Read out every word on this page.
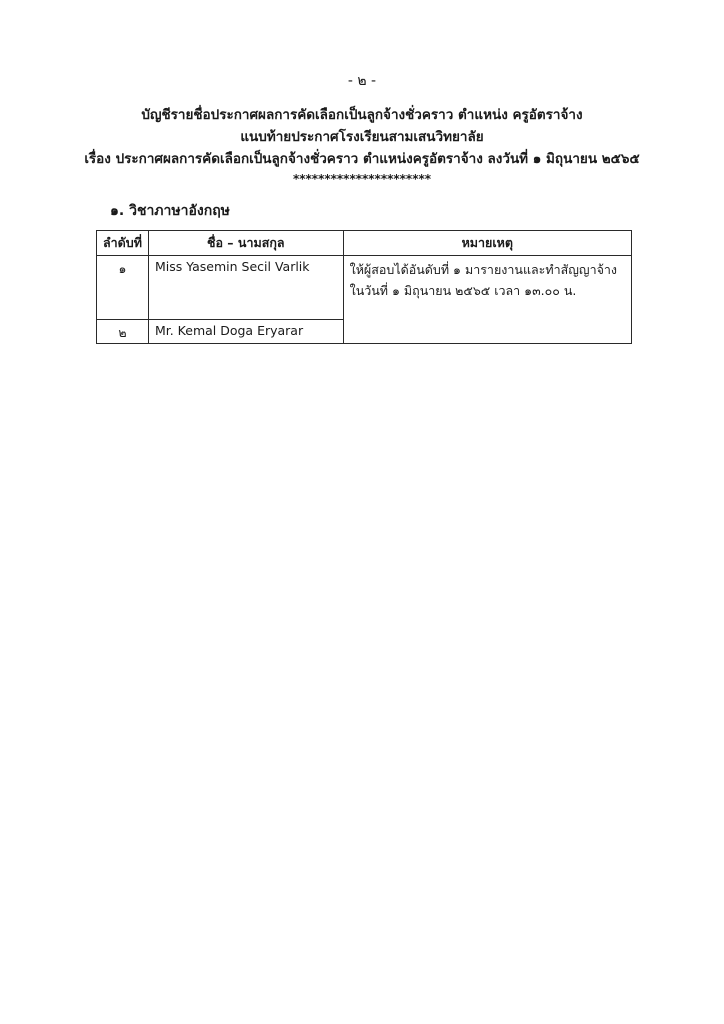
- ๒ -
บัญชีรายชื่อประกาศผลการคัดเลือกเป็นลูกจ้างชั่วคราว ตำแหน่ง ครูอัตราจ้าง
แนบท้ายประกาศโรงเรียนสามเสนวิทยาลัย
เรื่อง ประกาศผลการคัดเลือกเป็นลูกจ้างชั่วคราว ตำแหน่งครูอัตราจ้าง ลงวันที่ ๑ มิถุนายน ๒๕๖๕
**********************
๑. วิชาภาษาอังกฤษ
ลำดับที่	ชื่อ – นามสกุล	หมายเหตุ
๑	Miss Yasemin Secil Varlik	ให้ผู้สอบได้อันดับที่ ๑ มารายงานและทำสัญญาจ้าง
ในวันที่ ๑ มิถุนายน ๒๕๖๕ เวลา ๑๓.๐๐ น.
๒	Mr. Kemal Doga Eryarar	
